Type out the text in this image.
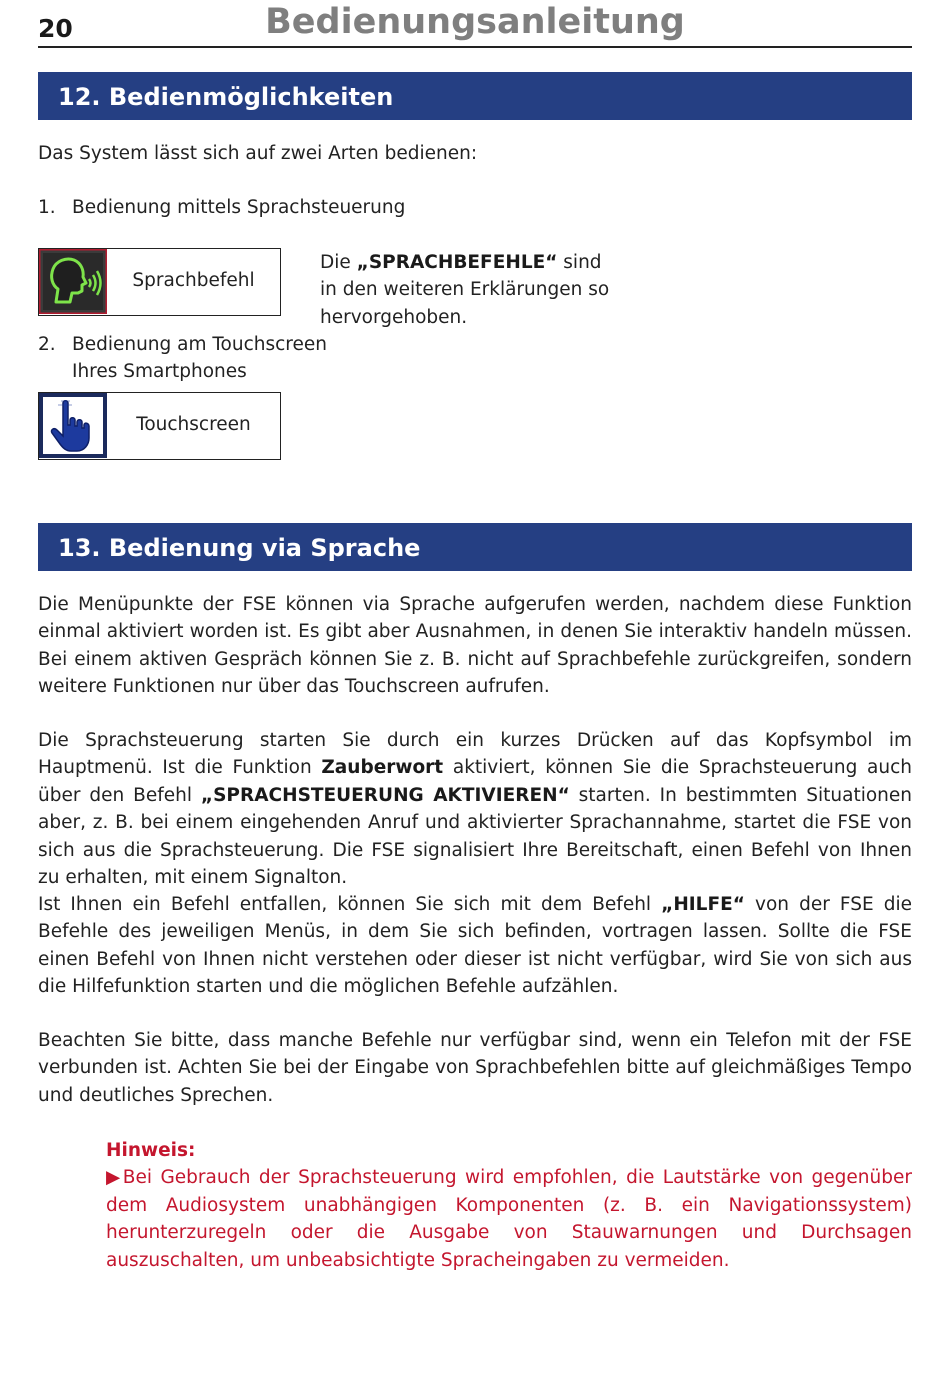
20	Bedienungsanleitung
12. Bedienmöglichkeiten
Das System lässt sich auf zwei Arten bedienen:
1. Bedienung mittels Sprachsteuerung
Sprachbefehl
Die „SPRACHBEFEHLE“ sind in den weiteren Erklärungen so hervorgehoben.
2. Bedienung am Touchscreen
Ihres Smartphones
Touchscreen
13. Bedienung via Sprache
Die Menüpunkte der FSE können via Sprache aufgerufen werden, nachdem diese Funktion einmal aktiviert worden ist. Es gibt aber Ausnahmen, in denen Sie interaktiv handeln müssen. Bei einem aktiven Gespräch können Sie z. B. nicht auf Sprachbefehle zurückgreifen, sondern weitere Funktionen nur über das Touchscreen aufrufen.
Die Sprachsteuerung starten Sie durch ein kurzes Drücken auf das Kopfsymbol im Hauptmenü. Ist die Funktion Zauberwort aktiviert, können Sie die Sprachsteuerung auch über den Befehl „SPRACHSTEUERUNG AKTIVIEREN“ starten. In bestimmten Situationen aber, z. B. bei einem eingehenden Anruf und aktivierter Sprachannahme, startet die FSE von sich aus die Sprachsteuerung. Die FSE signalisiert Ihre Bereitschaft, einen Befehl von Ihnen zu erhalten, mit einem Signalton.
Ist Ihnen ein Befehl entfallen, können Sie sich mit dem Befehl „HILFE“ von der FSE die Befehle des jeweiligen Menüs, in dem Sie sich befinden, vortragen lassen. Sollte die FSE einen Befehl von Ihnen nicht verstehen oder dieser ist nicht verfügbar, wird Sie von sich aus die Hilfefunktion starten und die möglichen Befehle aufzählen.
Beachten Sie bitte, dass manche Befehle nur verfügbar sind, wenn ein Telefon mit der FSE verbunden ist. Achten Sie bei der Eingabe von Sprachbefehlen bitte auf gleichmäßiges Tempo und deutliches Sprechen.
Hinweis:
▶Bei Gebrauch der Sprachsteuerung wird empfohlen, die Lautstärke von gegenüber dem Audiosystem unabhängigen Komponenten (z. B. ein Navigationssystem) herunterzuregeln oder die Ausgabe von Stauwarnungen und Durchsagen auszuschalten, um unbeabsichtigte Spracheingaben zu vermeiden.
